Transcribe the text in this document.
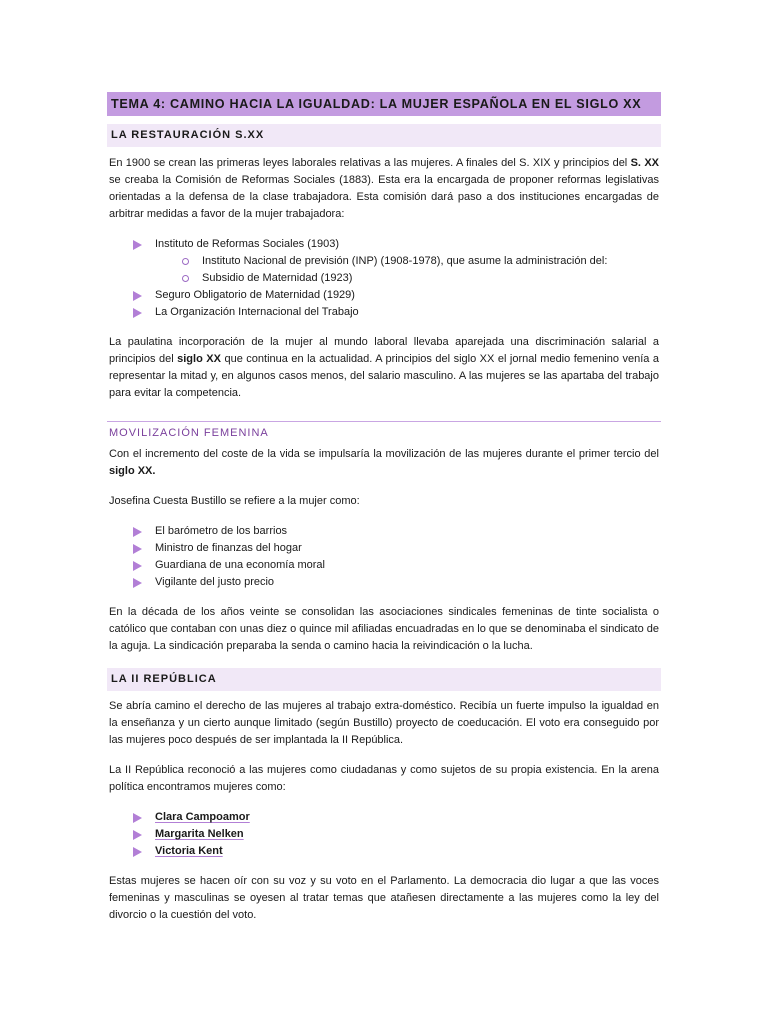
TEMA 4: CAMINO HACIA LA IGUALDAD: LA MUJER ESPAÑOLA EN EL SIGLO XX
LA RESTAURACIÓN S.XX

En 1900 se crean las primeras leyes laborales relativas a las mujeres. A finales del S. XIX y principios del S. XX se creaba la Comisión de Reformas Sociales (1883). Esta era la encargada de proponer reformas legislativas orientadas a la defensa de la clase trabajadora. Esta comisión dará paso a dos instituciones encargadas de arbitrar medidas a favor de la mujer trabajadora:

Instituto de Reformas Sociales (1903)
Instituto Nacional de previsión (INP) (1908-1978), que asume la administración del:
Subsidio de Maternidad (1923)
Seguro Obligatorio de Maternidad (1929)
La Organización Internacional del Trabajo

La paulatina incorporación de la mujer al mundo laboral llevaba aparejada una discriminación salarial a principios del siglo XX que continua en la actualidad. A principios del siglo XX el jornal medio femenino venía a representar la mitad y, en algunos casos menos, del salario masculino. A las mujeres se las apartaba del trabajo para evitar la competencia.

MOVILIZACIÓN FEMENINA

Con el incremento del coste de la vida se impulsaría la movilización de las mujeres durante el primer tercio del siglo XX.

Josefina Cuesta Bustillo se refiere a la mujer como:

El barómetro de los barrios
Ministro de finanzas del hogar
Guardiana de una economía moral
Vigilante del justo precio

En la década de los años veinte se consolidan las asociaciones sindicales femeninas de tinte socialista o católico que contaban con unas diez o quince mil afiliadas encuadradas en lo que se denominaba el sindicato de la aguja. La sindicación preparaba la senda o camino hacia la reivindicación o la lucha.

LA II REPÚBLICA

Se abría camino el derecho de las mujeres al trabajo extra-doméstico. Recibía un fuerte impulso la igualdad en la enseñanza y un cierto aunque limitado (según Bustillo) proyecto de coeducación. El voto era conseguido por las mujeres poco después de ser implantada la II República.

La II República reconoció a las mujeres como ciudadanas y como sujetos de su propia existencia. En la arena política encontramos mujeres como:

Clara Campoamor
Margarita Nelken
Victoria Kent

Estas mujeres se hacen oír con su voz y su voto en el Parlamento. La democracia dio lugar a que las voces femeninas y masculinas se oyesen al tratar temas que atañesen directamente a las mujeres como la ley del divorcio o la cuestión del voto.
